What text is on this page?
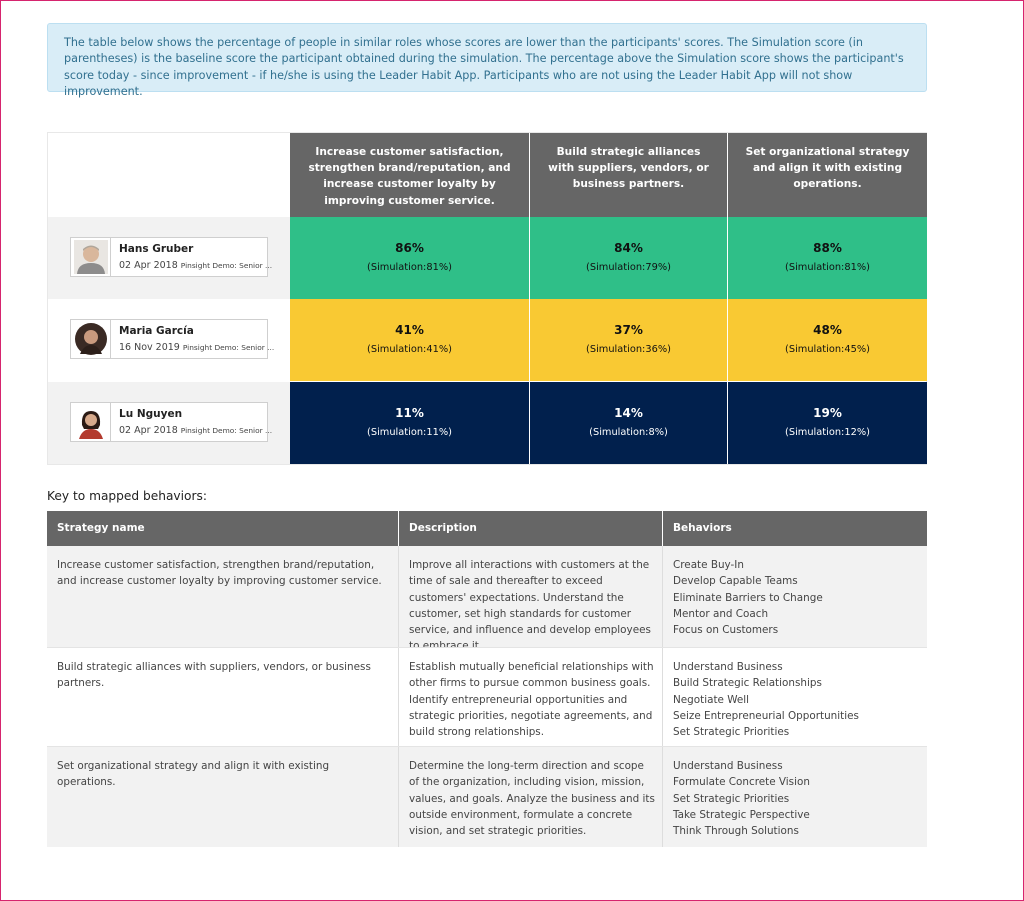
The table below shows the percentage of people in similar roles whose scores are lower than the participants' scores. The Simulation score (in parentheses) is the baseline score the participant obtained during the simulation. The percentage above the Simulation score shows the participant's score today - since improvement - if he/she is using the Leader Habit App. Participants who are not using the Leader Habit App will not show improvement.
Increase customer satisfaction, strengthen brand/reputation, and increase customer loyalty by improving customer service.
Build strategic alliances with suppliers, vendors, or business partners.
Set organizational strategy and align it with existing operations.
Hans Gruber
02 Apr 2018 Pinsight Demo: Senior ...
86%
(Simulation:81%)
84%
(Simulation:79%)
88%
(Simulation:81%)
Maria García
16 Nov 2019 Pinsight Demo: Senior ...
41%
(Simulation:41%)
37%
(Simulation:36%)
48%
(Simulation:45%)
Lu Nguyen
02 Apr 2018 Pinsight Demo: Senior ...
11%
(Simulation:11%)
14%
(Simulation:8%)
19%
(Simulation:12%)
Key to mapped behaviors:
Strategy name	Description	Behaviors
Increase customer satisfaction, strengthen brand/reputation, and increase customer loyalty by improving customer service.
Improve all interactions with customers at the time of sale and thereafter to exceed customers' expectations. Understand the customer, set high standards for customer service, and influence and develop employees
Create Buy-In
Develop Capable Teams
Eliminate Barriers to Change
Mentor and Coach
Focus on Customers
Build strategic alliances with suppliers, vendors, or business partners.
Establish mutually beneficial relationships with other firms to pursue common business goals. Identify entrepreneurial opportunities and strategic priorities, negotiate agreements, and build strong relationships.
Understand Business
Build Strategic Relationships
Negotiate Well
Seize Entrepreneurial Opportunities
Set Strategic Priorities
Set organizational strategy and align it with existing operations.
Determine the long-term direction and scope of the organization, including vision, mission, values, and goals. Analyze the business and its outside environment, formulate a concrete vision, and set strategic priorities.
Understand Business
Formulate Concrete Vision
Set Strategic Priorities
Take Strategic Perspective
Think Through Solutions
